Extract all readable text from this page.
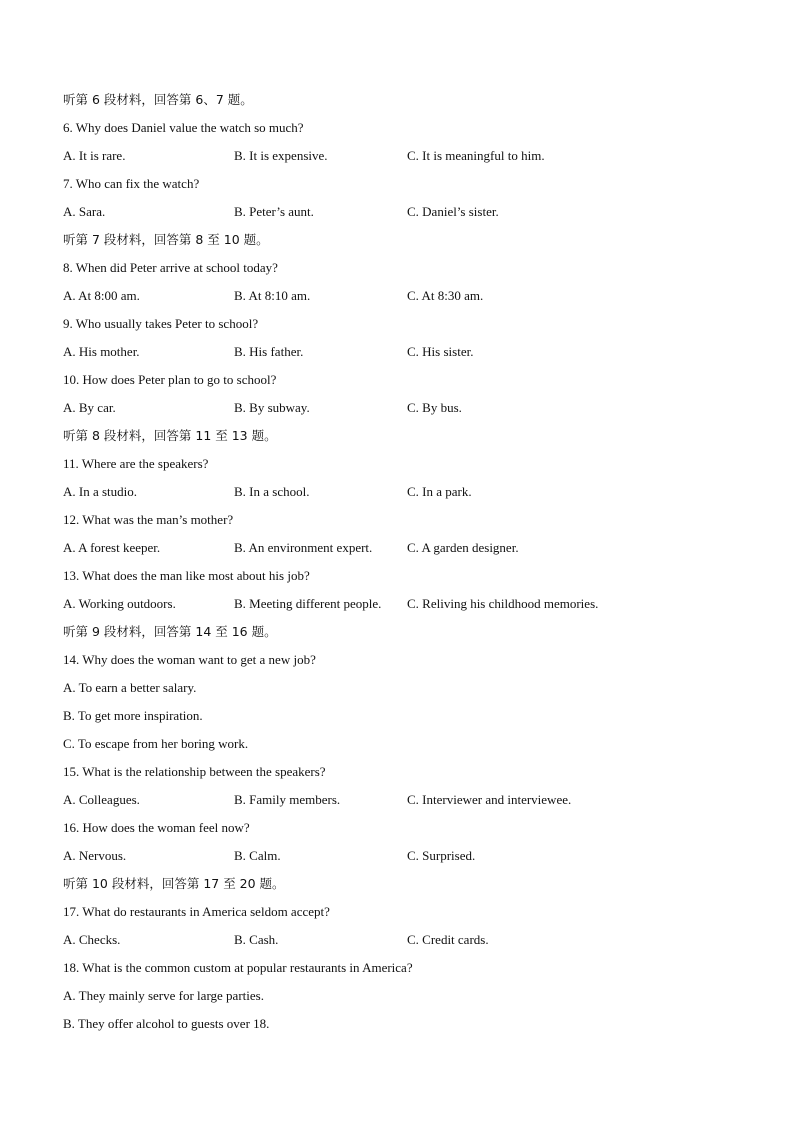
听第 6 段材料，回答第 6、7 题。
6. Why does Daniel value the watch so much?
A. It is rare.	B. It is expensive.	C. It is meaningful to him.
7. Who can fix the watch?
A. Sara.	B. Peter’s aunt.	C. Daniel’s sister.
听第 7 段材料，回答第 8 至 10 题。
8. When did Peter arrive at school today?
A. At 8:00 am.	B. At 8:10 am.	C. At 8:30 am.
9. Who usually takes Peter to school?
A. His mother.	B. His father.	C. His sister.
10. How does Peter plan to go to school?
A. By car.	B. By subway.	C. By bus.
听第 8 段材料，回答第 11 至 13 题。
11. Where are the speakers?
A. In a studio.	B. In a school.	C. In a park.
12. What was the man’s mother?
A. A forest keeper.	B. An environment expert.	C. A garden designer.
13. What does the man like most about his job?
A. Working outdoors.	B. Meeting different people. C. Reliving his childhood memories.
听第 9 段材料，回答第 14 至 16 题。
14. Why does the woman want to get a new job?
A. To earn a better salary.
B. To get more inspiration.
C. To escape from her boring work.
15. What is the relationship between the speakers?
A. Colleagues.	B. Family members.	C. Interviewer and interviewee.
16. How does the woman feel now?
A. Nervous.	B. Calm.	C. Surprised.
听第 10 段材料，回答第 17 至 20 题。
17. What do restaurants in America seldom accept?
A. Checks.	B. Cash.	C. Credit cards.
18. What is the common custom at popular restaurants in America?
A. They mainly serve for large parties.
B. They offer alcohol to guests over 18.
